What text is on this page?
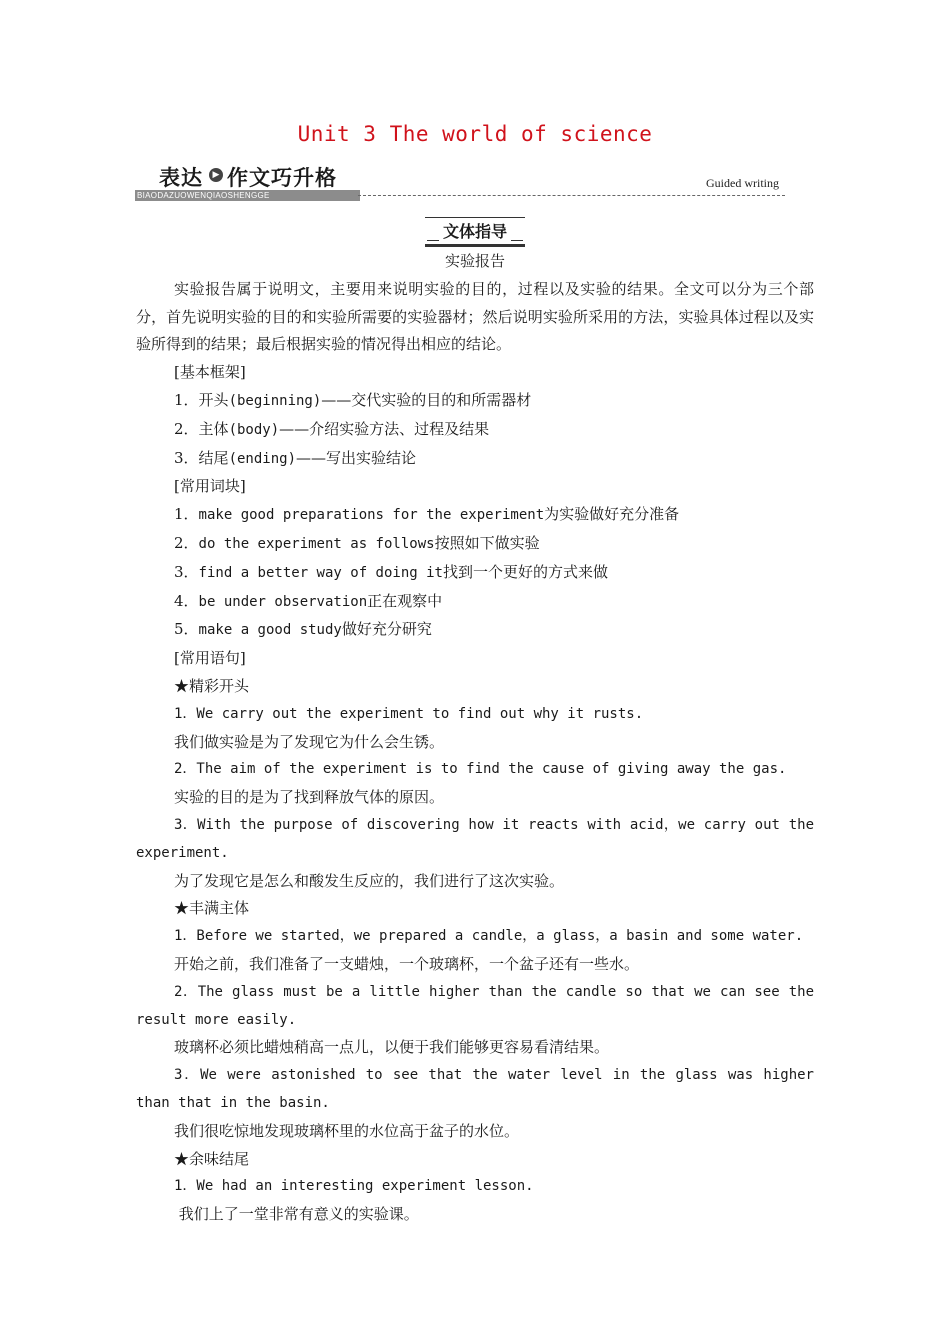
Unit 3 The world of science
表达 作文巧升格
▶
BIAODAZUOWENQIAOSHENGGE
Guided writing
文体指导
实验报告
实验报告属于说明文，主要用来说明实验的目的，过程以及实验的结果。全文可以分为三个部分，首先说明实验的目的和实验所需要的实验器材；然后说明实验所采用的方法，实验具体过程以及实验所得到的结果；最后根据实验的情况得出相应的结论。
[基本框架]
1．开头(beginning)——交代实验的目的和所需器材
2．主体(body)——介绍实验方法、过程及结果
3．结尾(ending)——写出实验结论
[常用词块]
1．make good preparations for the experiment为实验做好充分准备
2．do the experiment as follows按照如下做实验
3．find a better way of doing it找到一个更好的方式来做
4．be under observation正在观察中
5．make a good study做好充分研究
[常用语句]
★精彩开头
1．We carry out the experiment to find out why it rusts.
我们做实验是为了发现它为什么会生锈。
2．The aim of the experiment is to find the cause of giving away the gas.
实验的目的是为了找到释放气体的原因。
3．With the purpose of discovering how it reacts with acid，we carry out the
experiment.
为了发现它是怎么和酸发生反应的，我们进行了这次实验。
★丰满主体
1．Before we started，we prepared a candle，a glass，a basin and some water.
开始之前，我们准备了一支蜡烛，一个玻璃杯，一个盆子还有一些水。
2．The glass must be a little higher than the candle so that we can see the
result more easily.
玻璃杯必须比蜡烛稍高一点儿，以便于我们能够更容易看清结果。
3．We were astonished to see that the water level in the glass was higher
than that in the basin.
我们很吃惊地发现玻璃杯里的水位高于盆子的水位。
★余味结尾
1．We had an interesting experiment lesson.
我们上了一堂非常有意义的实验课。
